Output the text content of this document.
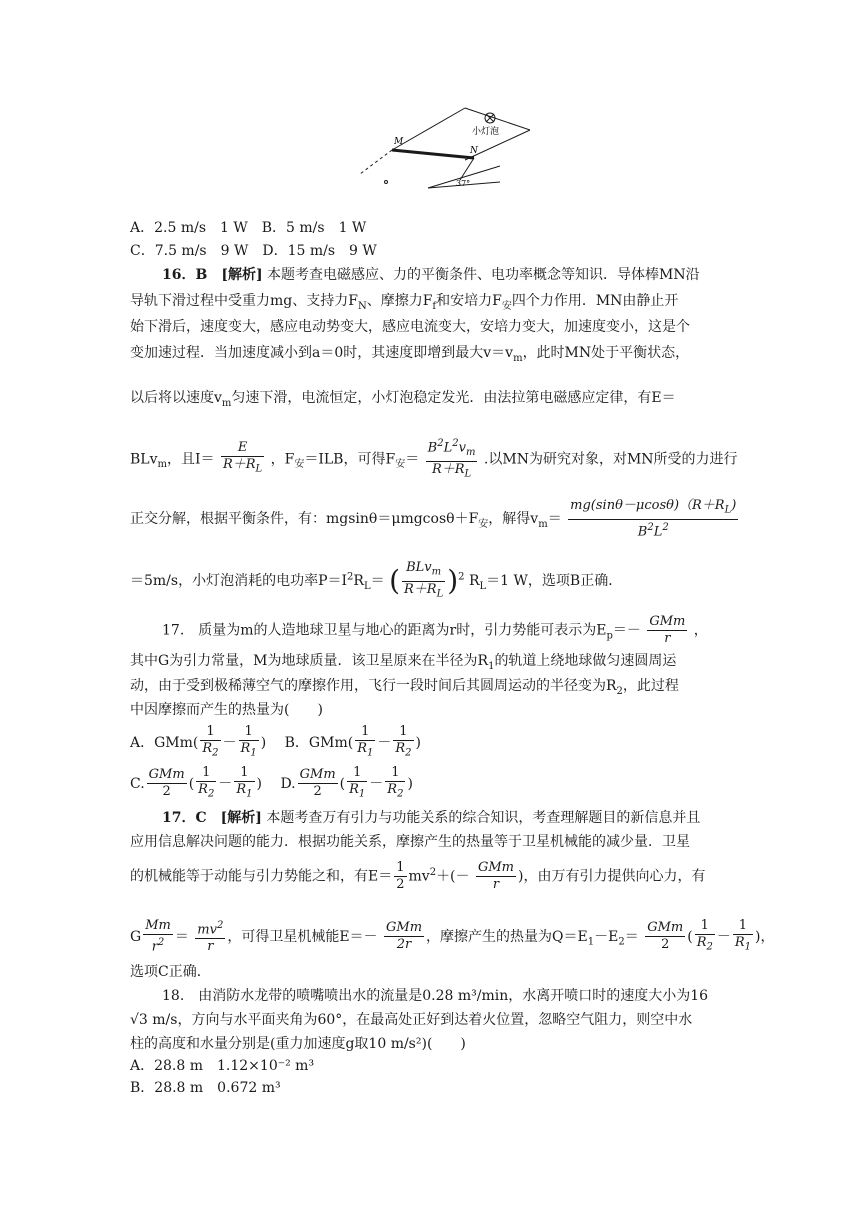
M
N
小灯泡
37°
A．2.5 m/s　1 W　B．5 m/s　1 W
C．7.5 m/s　9 W　D．15 m/s　9 W
16．B　[解析] 本题考查电磁感应、力的平衡条件、电功率概念等知识．导体棒MN沿
导轨下滑过程中受重力mg、支持力$F_N$、摩擦力$F_f$和安培力$F_安$四个力作用．MN由静止开
始下滑后，速度变大，感应电动势变大，感应电流变大，安培力变大，加速度变小，这是个
变加速过程．当加速度减小到a＝0时，其速度即增到最大$v=v_m$，此时MN处于平衡状态，
以后将以速度$v_m$匀速下滑，电流恒定，小灯泡稳定发光．由法拉第电磁感应定律，有E＝
BLv$_m$，且$I= \frac{E}{R+R_L}$ ，$F_安=ILB$，可得$F_安= \frac{B^2L^2v_m}{R+R_L}$ .以MN为研究对象，对MN所受的力进行
正交分解，根据平衡条件，有：$mgsin\theta=\mu mgcos\theta+F_安$，解得$v_m= \frac{mg(\sin\theta-\mu\cos\theta)(R+R_L)}{B^2L^2}$
＝5m/s，小灯泡消耗的电功率$P=I^2R_L=$ ( $\frac{BLv_m}{R+R_L} )^2$ $R_L=1$ W，选项B正确．
17.　质量为m的人造地球卫星与地心的距离为r时，引力势能可表示为$E_p=- \frac{\text{GMm}}{r}$ ，
其中G为引力常量，M为地球质量．该卫星原来在半径为$R_1$的轨道上绕地球做匀速圆周运
动，由于受到极稀薄空气的摩擦作用，飞行一段时间后其圆周运动的半径变为$R_2$，此过程
中因摩擦而产生的热量为(　　)
A．$GMm( \frac{1}{R_2} - \frac{1}{R_1}$ )　 B．$GMm( \frac{1}{R_1} - \frac{1}{R_2}$ )
C. $\frac{\text{GMm}}{2}$ ( $\frac{1}{R_2} - \frac{1}{R_1}$ )　 D. $\frac{\text{GMm}}{2}$ ( $\frac{1}{R_1} - \frac{1}{R_2}$ )
17．C　[解析] 本题考查万有引力与功能关系的综合知识，考查理解题目的新信息并且
应用信息解决问题的能力．根据功能关系，摩擦产生的热量等于卫星机械能的减少量．卫星
的机械能等于动能与引力势能之和，有$E= \frac{1}{2} mv^2+(- \frac{\text{GMm}}{r}$ )，由万有引力提供向心力，有
G $\frac{Mm}{r^2} = \frac{mv^2}{r}$ ，可得卫星机械能$E=- \frac{\text{GMm}}{2r}$ ，摩擦产生的热量为$Q=E_1-E_2= \frac{\text{GMm}}{2}$ ( $\frac{1}{R_2} - \frac{1}{R_1}$ )，
选项C正确．
18.　由消防水龙带的喷嘴喷出水的流量是0.28 m³/min，水离开喷口时的速度大小为16
√3 m/s，方向与水平面夹角为60°，在最高处正好到达着火位置，忽略空气阻力，则空中水
柱的高度和水量分别是(重力加速度g取10 m/s²)(　　)
A．28.8 m　1.12×10⁻² m³
B．28.8 m　0.672 m³
